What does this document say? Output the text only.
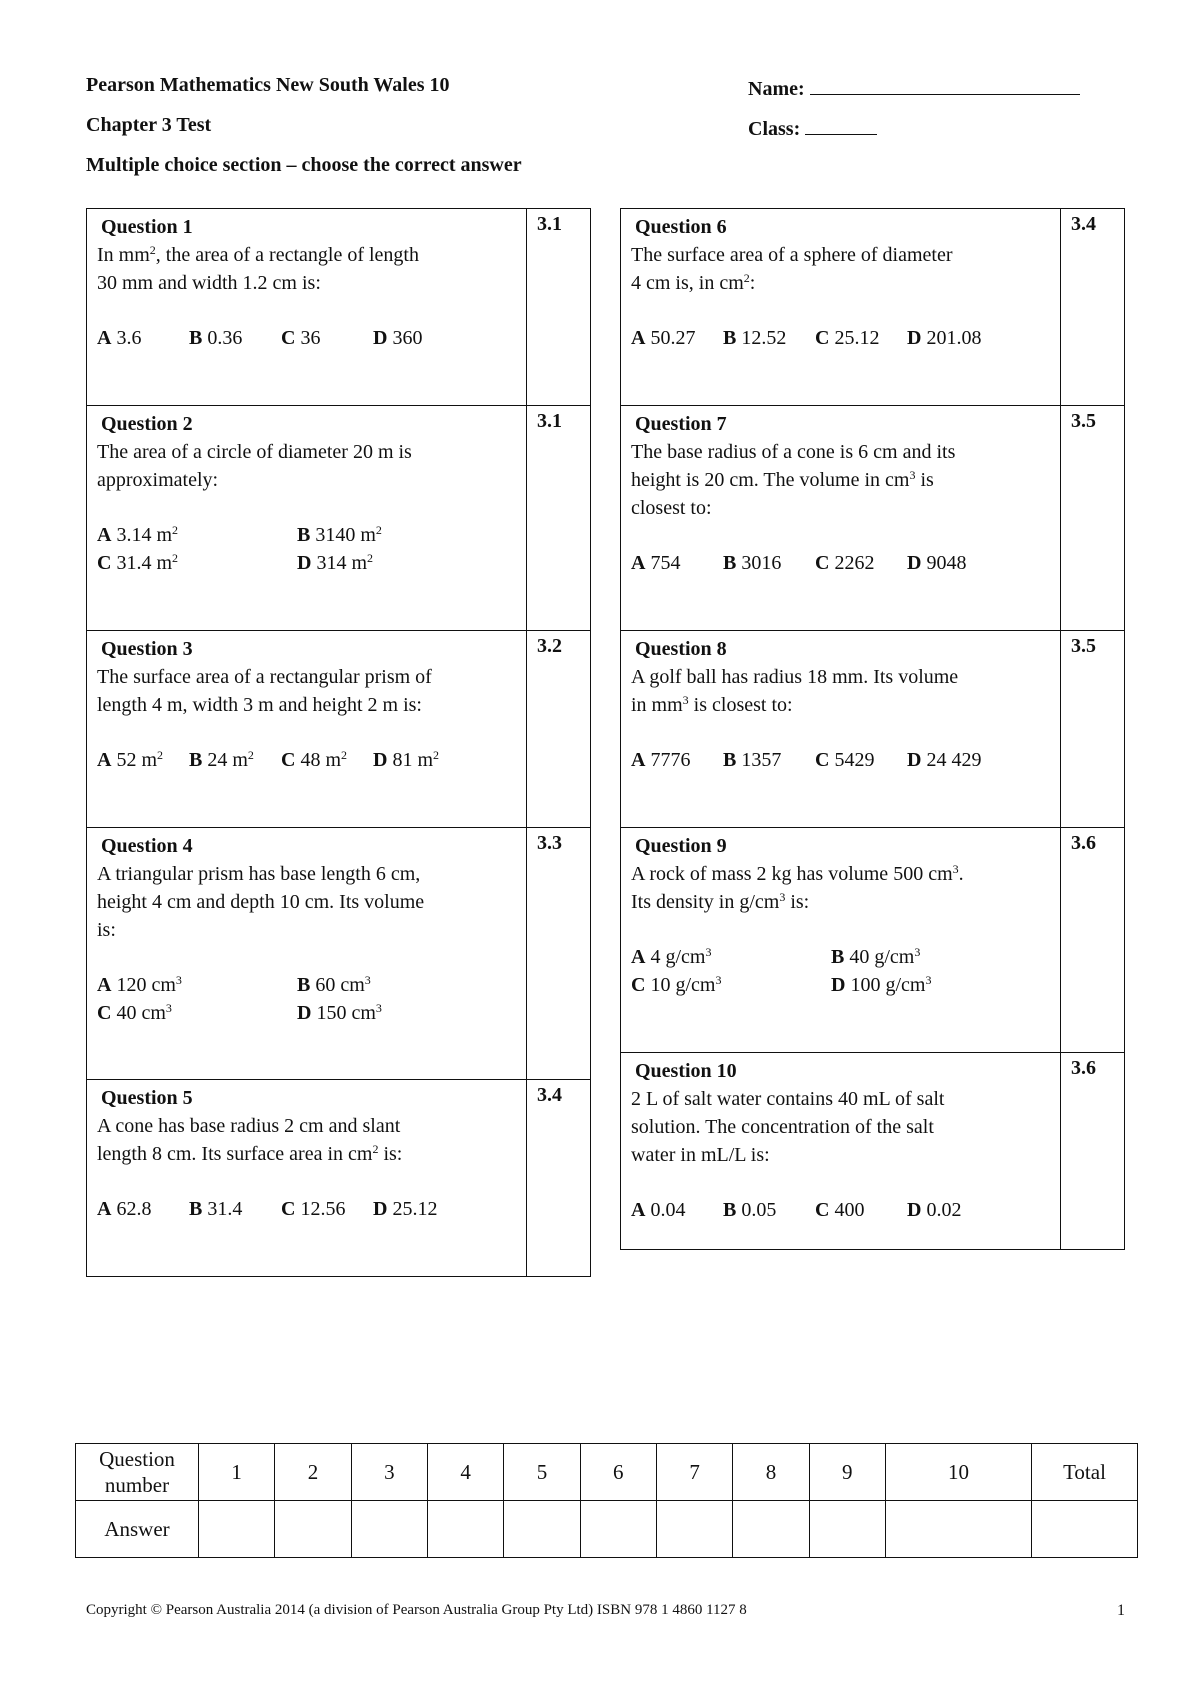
Pearson Mathematics New South Wales 10
Chapter 3 Test
Multiple choice section – choose the correct answer
Name:
Class:
Question 1
In $mm^2$, the area of a rectangle of length
30 mm and width 1.2 cm is:
A 3.6 B 0.36 C 36	D 360
3.1
Question 2
The area of a circle of diameter 20 m is
approximately:
A 3.14 $m^2$	B 3140 $m^2$
C 31.4 $m^2$	D 314 $m^2$
3.1
Question 3
The surface area of a rectangular prism of
length 4 m, width 3 m and height 2 m is:
A 52 $m^2$ B 24 $m^2$ C 48 $m^2$ D 81 $m^2$
3.2
Question 4
A triangular prism has base length 6 cm,
height 4 cm and depth 10 cm. Its volume
is:
A 120 $cm^3$	B 60 $cm^3$
C 40 $cm^3$	D 150 $cm^3$
3.3
Question 5
A cone has base radius 2 cm and slant
length 8 cm. Its surface area in $cm^2$ is:
A 62.8 B 31.4 C 12.56 D 25.12
3.4
Question 6
The surface area of a sphere of diameter
4 cm is, in $cm^2$:
A 50.27 B 12.52 C 25.12 D 201.08
3.4
Question 7
The base radius of a cone is 6 cm and its
height is 20 cm. The volume in $cm^3$ is
closest to:
A 754 B 3016 C 2262 D 9048
3.5
Question 8
A golf ball has radius 18 mm. Its volume
in $mm^3$ is closest to:
A 7776 B 1357 C 5429 D 24 429
3.5
Question 9
A rock of mass 2 kg has volume 500 $cm^3$.
Its density in $g/cm^3$ is:
A 4 $g/cm^3$	B 40 $g/cm^3$
C 10 $g/cm^3$	D 100 $g/cm^3$
3.6
Question 10
2 L of salt water contains 40 mL of salt
solution. The concentration of the salt
water in mL/L is:
A 0.04 B 0.05 C 400 D 0.02
3.6
Question
number	1	2	3	4	5	6	7	8	9	10	Total
Answer											
Copyright © Pearson Australia 2014 (a division of Pearson Australia Group Pty Ltd) ISBN 978 1 4860 1127 8	1
